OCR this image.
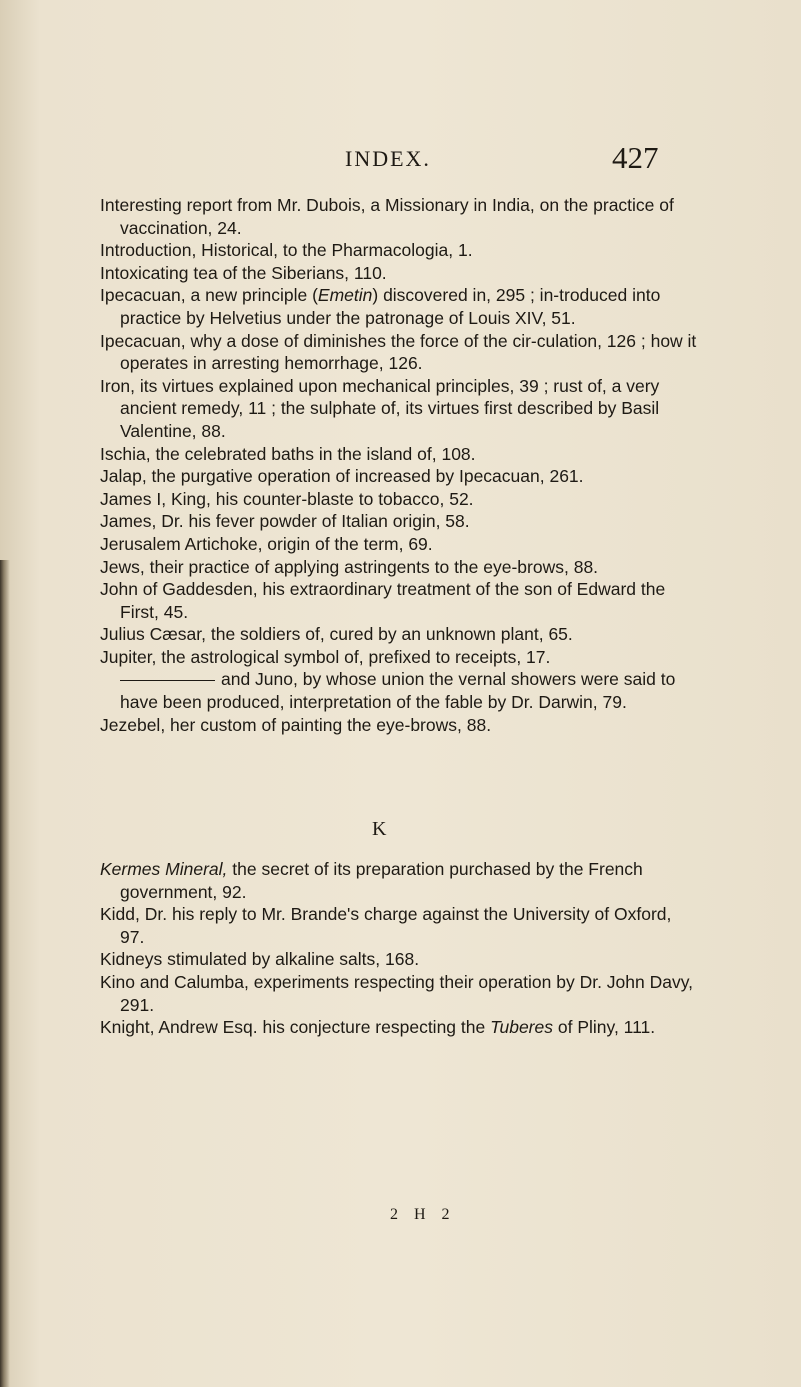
INDEX.	427
Interesting report from Mr. Dubois, a Missionary in India, on the practice of vaccination, 24.
Introduction, Historical, to the Pharmacologia, 1.
Intoxicating tea of the Siberians, 110.
Ipecacuan, a new principle (Emetin) discovered in, 295 ; in-troduced into practice by Helvetius under the patronage of Louis XIV, 51.
Ipecacuan, why a dose of diminishes the force of the cir-culation, 126 ; how it operates in arresting hemorrhage, 126.
Iron, its virtues explained upon mechanical principles, 39 ; rust of, a very ancient remedy, 11 ; the sulphate of, its virtues first described by Basil Valentine, 88.
Ischia, the celebrated baths in the island of, 108.
Jalap, the purgative operation of increased by Ipecacuan, 261.
James I, King, his counter-blaste to tobacco, 52.
James, Dr. his fever powder of Italian origin, 58.
Jerusalem Artichoke, origin of the term, 69.
Jews, their practice of applying astringents to the eye-brows, 88.
John of Gaddesden, his extraordinary treatment of the son of Edward the First, 45.
Julius Cæsar, the soldiers of, cured by an unknown plant, 65.
Jupiter, the astrological symbol of, prefixed to receipts, 17.
and Juno, by whose union the vernal showers were said to have been produced, interpretation of the fable by Dr. Darwin, 79.
Jezebel, her custom of painting the eye-brows, 88.
K
Kermes Mineral, the secret of its preparation purchased by the French government, 92.
Kidd, Dr. his reply to Mr. Brande's charge against the University of Oxford, 97.
Kidneys stimulated by alkaline salts, 168.
Kino and Calumba, experiments respecting their operation by Dr. John Davy, 291.
Knight, Andrew Esq. his conjecture respecting the Tuberes of Pliny, 111.
2 H 2
